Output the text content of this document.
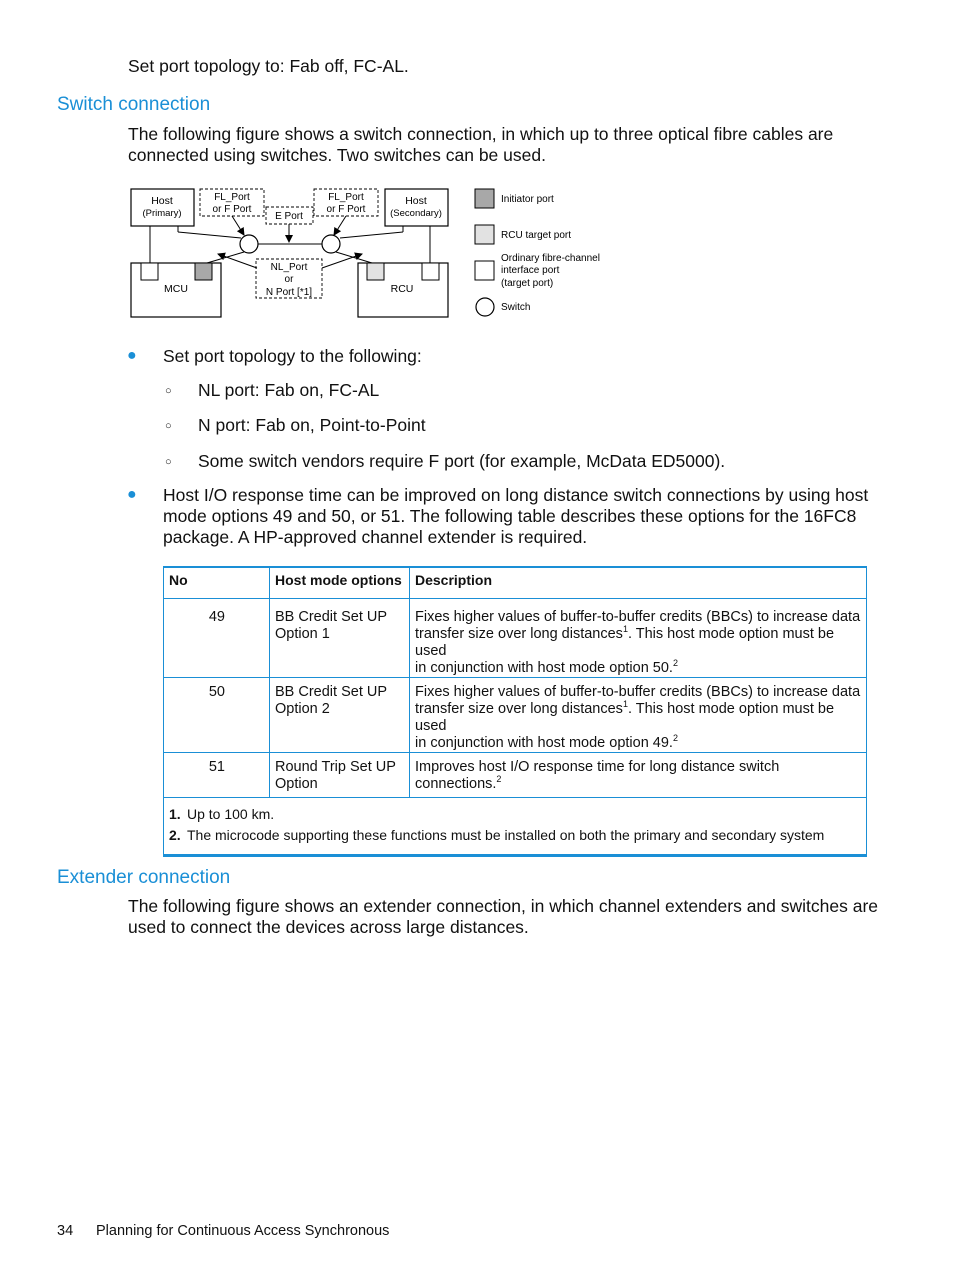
Set port topology to: Fab off, FC-AL.
Switch connection
The following figure shows a switch connection, in which up to three optical fibre cables are
connected using switches. Two switches can be used.
Host
(Primary)
Host
(Secondary)
FL_Port
or F Port
FL_Port
or F Port
E Port
NL_Port
or
N Port [*1]
MCU	RCU
Initiator port
RCU target port
Ordinary fibre-channel
interface port
(target port)
Switch
● Set port topology to the following:
○ NL port: Fab on, FC-AL
○ N port: Fab on, Point-to-Point
○ Some switch vendors require F port (for example, McData ED5000).
● Host I/O response time can be improved on long distance switch connections by using host
mode options 49 and 50, or 51. The following table describes these options for the 16FC8
package. A HP-approved channel extender is required.
No	Host mode options	Description
49	BB Credit Set UP
Option 1	Fixes higher values of buffer-to-buffer credits (BBCs) to increase data
transfer size over long distances$^1$. This host mode option must be used
in conjunction with host mode option 50.$^2$
50	BB Credit Set UP
Option 2	Fixes higher values of buffer-to-buffer credits (BBCs) to increase data
transfer size over long distances$^1$. This host mode option must be used
in conjunction with host mode option 49.$^2$
51	Round Trip Set UP
Option	Improves host I/O response time for long distance switch connections.$^2$

1. Up to 100 km.
2. The microcode supporting these functions must be installed on both the primary and secondary system		
Extender connection
The following figure shows an extender connection, in which channel extenders and switches are
used to connect the devices across large distances.
34 Planning for Continuous Access Synchronous
